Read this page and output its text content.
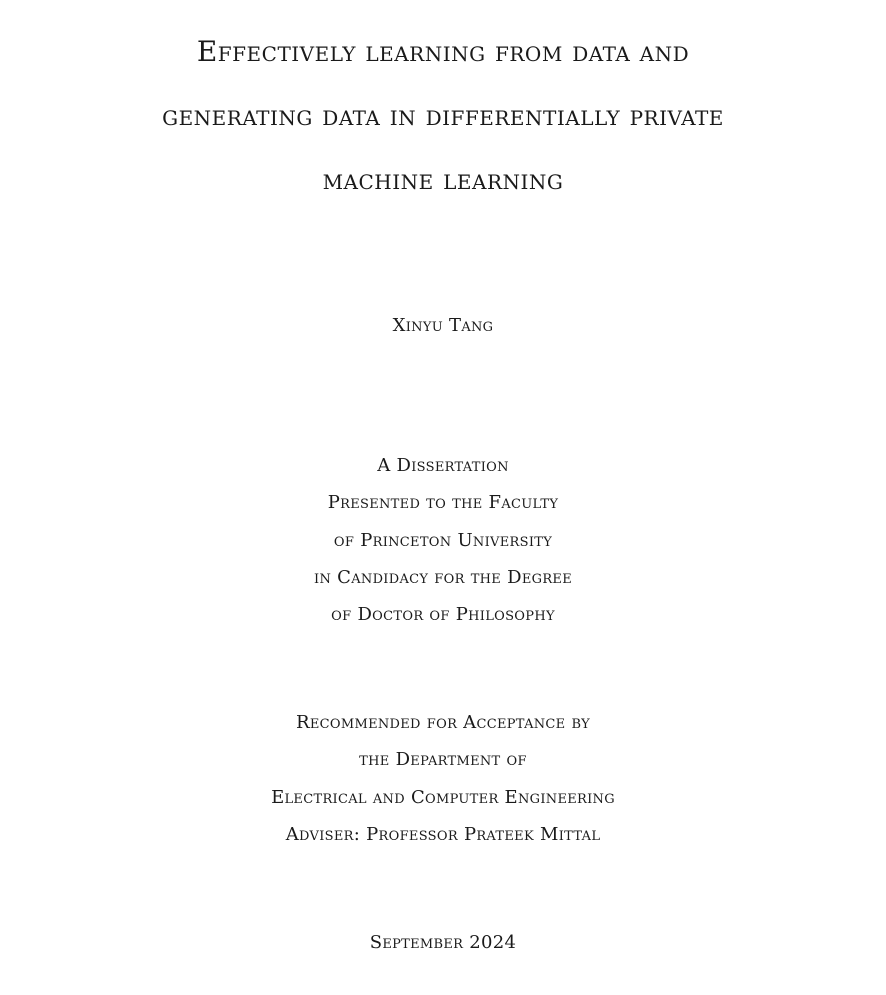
Effectively learning from data and
generating data in differentially private
machine learning
Xinyu Tang
A Dissertation
Presented to the Faculty
of Princeton University
in Candidacy for the Degree
of Doctor of Philosophy
Recommended for Acceptance by
the Department of
Electrical and Computer Engineering
Adviser: Professor Prateek Mittal
September 2024
